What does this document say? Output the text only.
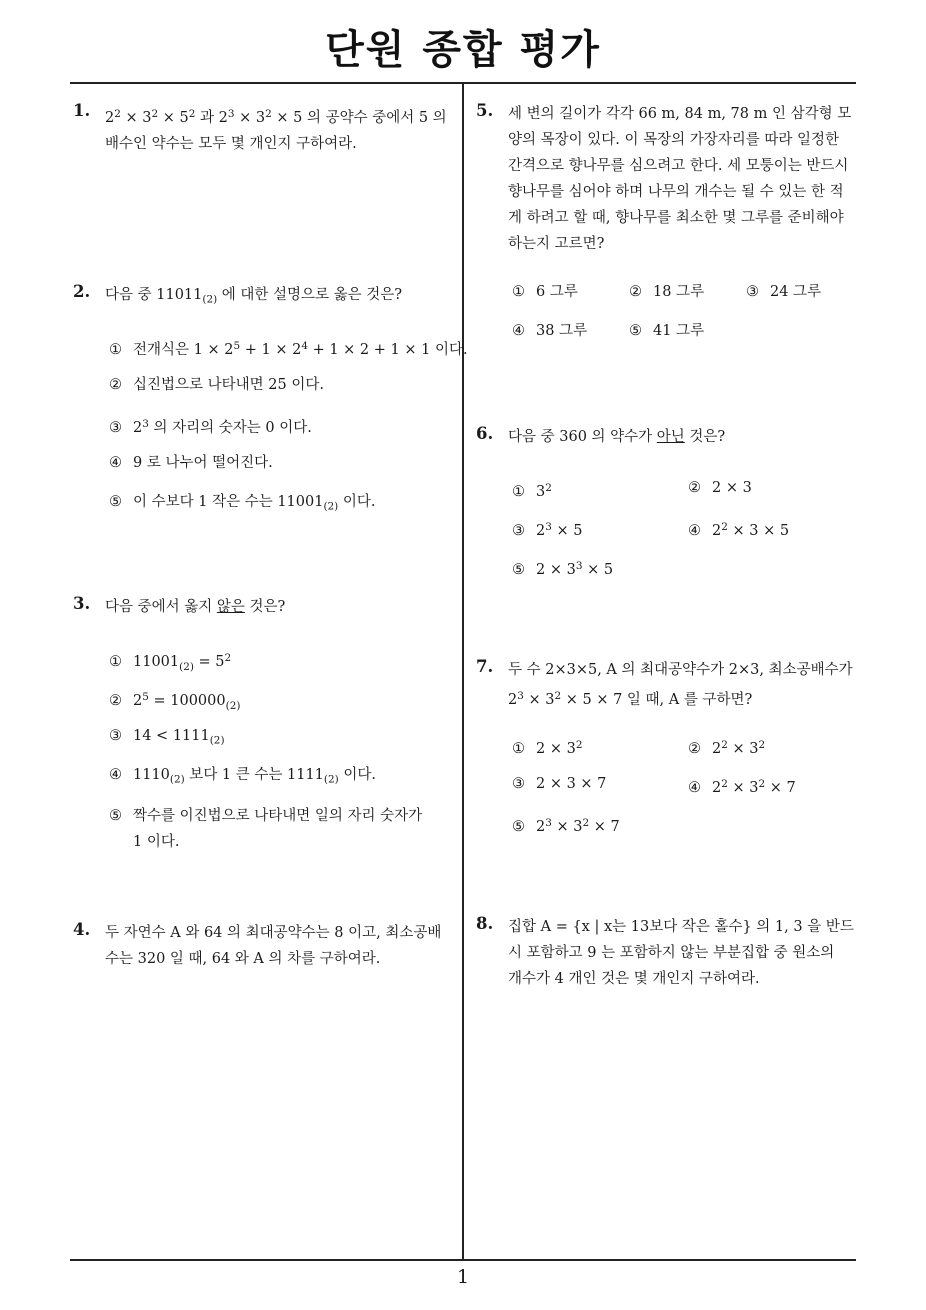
단원 종합 평가
1
1. $2^2 \times 3^2 \times 5^2$ 과 $2^3 \times 3^2 \times 5$ 의 공약수 중에서 5 의
배수인 약수는 모두 몇 개인지 구하여라.
2. 다음 중 $11011_{(2)}$ 에 대한 설명으로 옳은 것은?
① 전개식은 $1 \times 2^5 + 1 \times 2^4 + 1 \times 2 + 1 \times 1$ 이다.
② 십진법으로 나타내면 25 이다.
③ $2^3$ 의 자리의 숫자는 0 이다.
④ 9 로 나누어 떨어진다.
⑤ 이 수보다 1 작은 수는 $11001_{(2)}$ 이다.
3. 다음 중에서 옳지 않은 것은?
① $11001_{(2)} = 5^2$
② $2^5 = 100000_{(2)}$
③ $14 < 1111_{(2)}$
④ $1110_{(2)}$ 보다 1 큰 수는 $1111_{(2)}$ 이다.
⑤ 짝수를 이진법으로 나타내면 일의 자리 숫자가
1 이다.
4. 두 자연수 A 와 64 의 최대공약수는 8 이고, 최소공배
수는 320 일 때, 64 와 A 의 차를 구하여라.
5. 세 변의 길이가 각각 66 m, 84 m, 78 m 인 삼각형 모
양의 목장이 있다. 이 목장의 가장자리를 따라 일정한
간격으로 향나무를 심으려고 한다. 세 모퉁이는 반드시
향나무를 심어야 하며 나무의 개수는 될 수 있는 한 적
게 하려고 할 때, 향나무를 최소한 몇 그루를 준비해야
하는지 고르면?
① 6 그루	② 18 그루	③ 24 그루
④ 38 그루	⑤ 41 그루
6. 다음 중 360 의 약수가 아닌 것은?
① $3^2$	② 2 × 3
③ $2^3 \times 5$	④ $2^2 \times 3 \times 5$
⑤ $2 \times 3^3 \times 5$
7. 두 수 2×3×5, A 의 최대공약수가 2×3, 최소공배수가
$2^3 \times 3^2 \times 5 \times 7$ 일 때, A 를 구하면?
① $2 \times 3^2$	② $2^2 \times 3^2$
③ 2 × 3 × 7	④ $2^2 \times 3^2 \times 7$
⑤ $2^3 \times 3^2 \times 7$
8. 집합 A = {x | x는 13보다 작은 홀수} 의 1, 3 을 반드
시 포함하고 9 는 포함하지 않는 부분집합 중 원소의
개수가 4 개인 것은 몇 개인지 구하여라.
